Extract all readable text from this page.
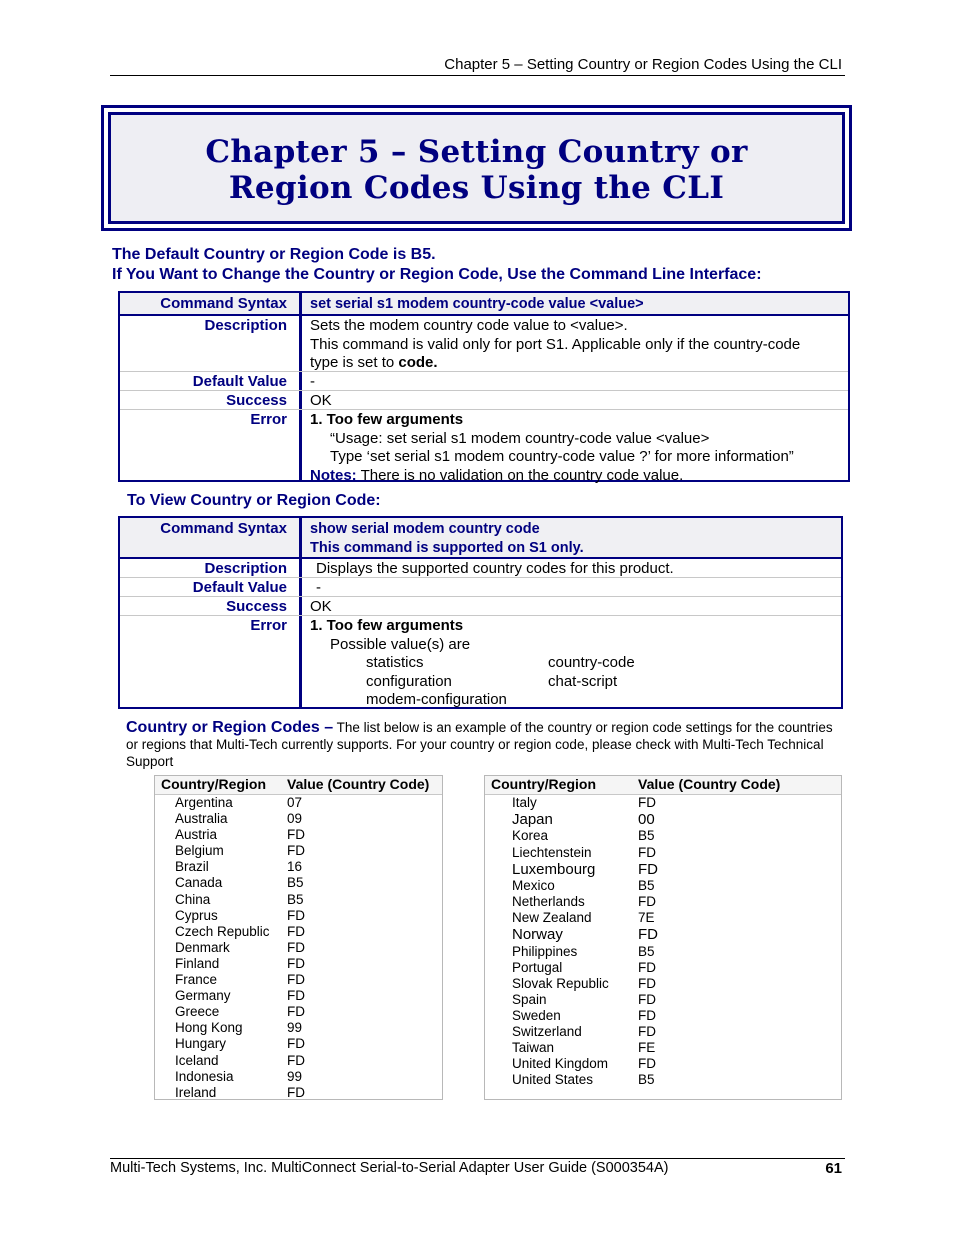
Chapter 5 – Setting Country or Region Codes Using the CLI
Chapter 5 – Setting Country or
Region Codes Using the CLI
The Default Country or Region Code is B5.
If You Want to Change the Country or Region Code, Use the Command Line Interface:
Command Syntax	set serial s1 modem country-code value <value>
Description	Sets the modem country code value to <value>.
This command is valid only for port S1. Applicable only if the country-code
type is set to code.
Default Value	-
Success	OK
Error	1. Too few arguments
“Usage: set serial s1 modem country-code value <value>
Type ‘set serial s1 modem country-code value ?’ for more information”
Notes: There is no validation on the country code value.
To View Country or Region Code:
Command Syntax	show serial modem country code
This command is supported on S1 only.
Description	Displays the supported country codes for this product.
Default Value	-
Success	OK
Error	1. Too few arguments
Possible value(s) are
statistics	country-code
configuration	chat-script
modem-configuration
Country or Region Codes – The list below is an example of the country or region code settings for the countries or regions that Multi-Tech currently supports. For your country or region code, please check with Multi-Tech Technical Support
Country/Region	Value (Country Code)
Argentina	07
Australia	09
Austria	FD
Belgium	FD
Brazil	16
Canada	B5
China	B5
Cyprus	FD
Czech Republic	FD
Denmark	FD
Finland	FD
France	FD
Germany	FD
Greece	FD
Hong Kong	99
Hungary	FD
Iceland	FD
Indonesia	99
Ireland	FD
Country/Region	Value (Country Code)
Italy	FD
Japan	00
Korea	B5
Liechtenstein	FD
Luxembourg	FD
Mexico	B5
Netherlands	FD
New Zealand	7E
Norway	FD
Philippines	B5
Portugal	FD
Slovak Republic	FD
Spain	FD
Sweden	FD
Switzerland	FD
Taiwan	FE
United Kingdom	FD
United States	B5
Multi-Tech Systems, Inc. MultiConnect Serial-to-Serial Adapter User Guide (S000354A)	61
